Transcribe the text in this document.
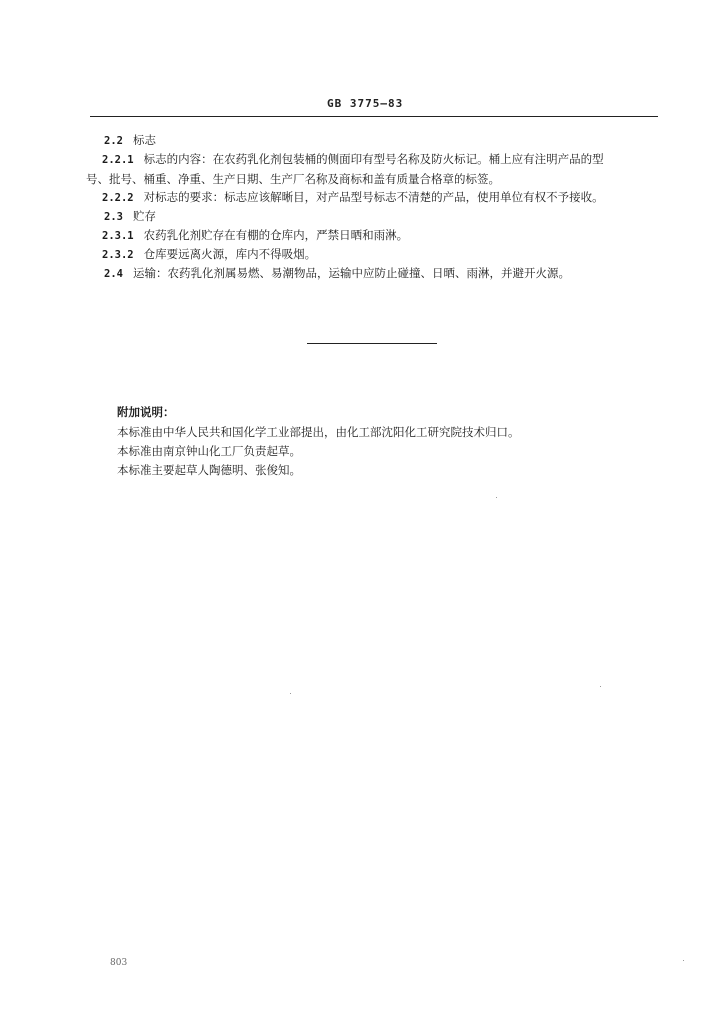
GB 3775—83
2.2 标志
2.2.1 标志的内容：在农药乳化剂包装桶的侧面印有型号名称及防火标记。桶上应有注明产品的型
号、批号、桶重、净重、生产日期、生产厂名称及商标和盖有质量合格章的标签。
2.2.2 对标志的要求：标志应该解晰目，对产品型号标志不清楚的产品，使用单位有权不予接收。
2.3 贮存
2.3.1 农药乳化剂贮存在有棚的仓库内，严禁日晒和雨淋。
2.3.2 仓库要远离火源，库内不得吸烟。
2.4 运输：农药乳化剂属易燃、易潮物品，运输中应防止碰撞、日晒、雨淋，并避开火源。
附加说明：
本标准由中华人民共和国化学工业部提出，由化工部沈阳化工研究院技术归口。
本标准由南京钟山化工厂负责起草。
本标准主要起草人陶德明、张俊知。
803
